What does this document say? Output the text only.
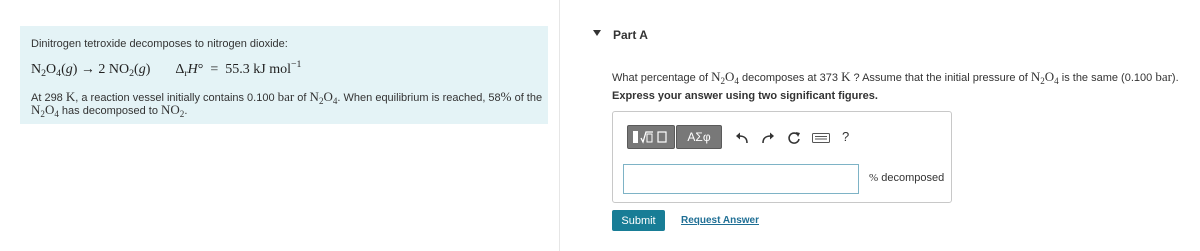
Dinitrogen tetroxide decomposes to nitrogen dioxide:
$N_2O_4(g) \to 2$ $NO_2(g) \Delta_rH^\circ = 55.3$ kJ mol$^{-1}$
At 298 K, a reaction vessel initially contains 0.100 bar of $N_2O_4$. When equilibrium is reached, 58% of the
$N_2O_4$ has decomposed to $NO_2$.
Part A
What percentage of $N_2O_4$ decomposes at 373 K ? Assume that the initial pressure of $N_2O_4$ is the same (0.100 bar).
Express your answer using two significant figures.
ΑΣφ	?
% decomposed
Submit	Request Answer
